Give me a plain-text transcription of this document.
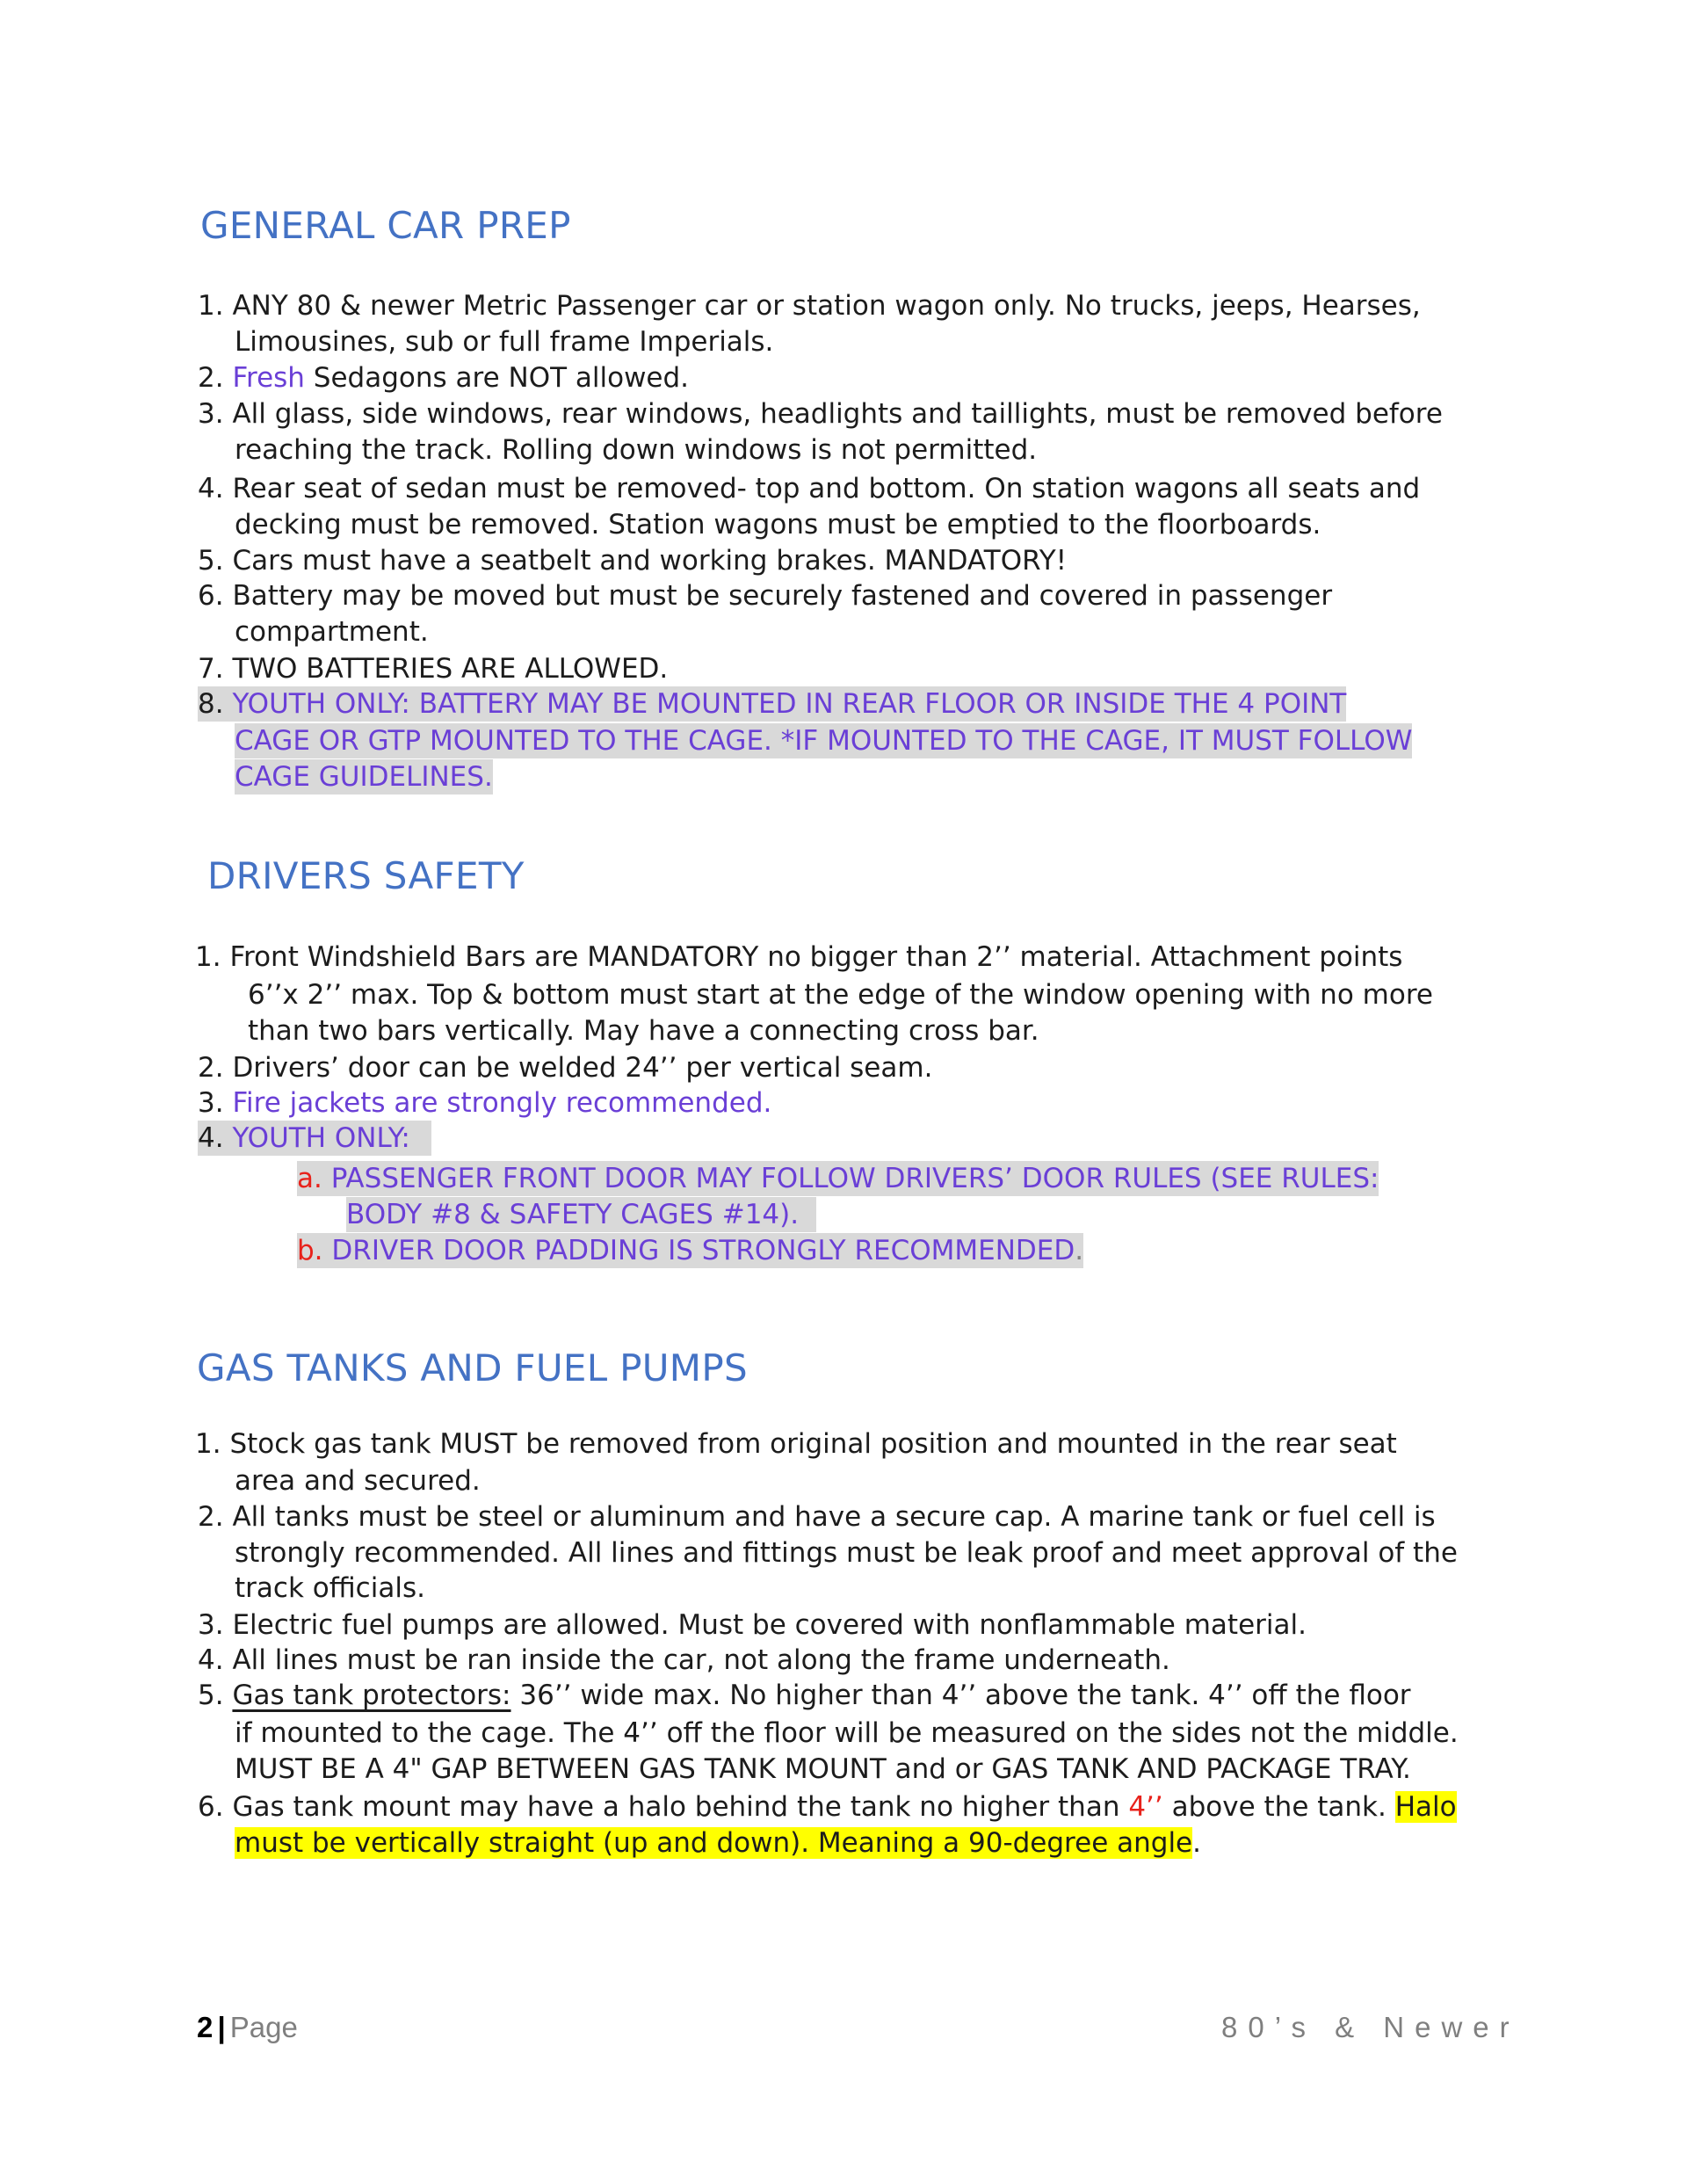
GENERAL CAR PREP
1. ANY 80 & newer Metric Passenger car or station wagon only. No trucks, jeeps, Hearses,
Limousines, sub or full frame Imperials.
2. Fresh Sedagons are NOT allowed.
3. All glass, side windows, rear windows, headlights and taillights, must be removed before
reaching the track. Rolling down windows is not permitted.
4. Rear seat of sedan must be removed- top and bottom. On station wagons all seats and
decking must be removed. Station wagons must be emptied to the floorboards.
5. Cars must have a seatbelt and working brakes. MANDATORY!
6. Battery may be moved but must be securely fastened and covered in passenger
compartment.
7. TWO BATTERIES ARE ALLOWED.
8. YOUTH ONLY: BATTERY MAY BE MOUNTED IN REAR FLOOR OR INSIDE THE 4 POINT
CAGE OR GTP MOUNTED TO THE CAGE. *IF MOUNTED TO THE CAGE, IT MUST FOLLOW
CAGE GUIDELINES.
DRIVERS SAFETY
1. Front Windshield Bars are MANDATORY no bigger than 2’’ material. Attachment points
6’’x 2’’ max. Top & bottom must start at the edge of the window opening with no more
than two bars vertically. May have a connecting cross bar.
2. Drivers’ door can be welded 24’’ per vertical seam.
3. Fire jackets are strongly recommended.
4. YOUTH ONLY:
a. PASSENGER FRONT DOOR MAY FOLLOW DRIVERS’ DOOR RULES (SEE RULES:
BODY #8 & SAFETY CAGES #14).
b. DRIVER DOOR PADDING IS STRONGLY RECOMMENDED.
GAS TANKS AND FUEL PUMPS
1. Stock gas tank MUST be removed from original position and mounted in the rear seat
area and secured.
2. All tanks must be steel or aluminum and have a secure cap. A marine tank or fuel cell is
strongly recommended. All lines and fittings must be leak proof and meet approval of the
track officials.
3. Electric fuel pumps are allowed. Must be covered with nonflammable material.
4. All lines must be ran inside the car, not along the frame underneath.
5. Gas tank protectors: 36’’ wide max. No higher than 4’’ above the tank. 4’’ off the floor
if mounted to the cage. The 4’’ off the floor will be measured on the sides not the middle.
MUST BE A 4" GAP BETWEEN GAS TANK MOUNT and or GAS TANK AND PACKAGE TRAY.
6. Gas tank mount may have a halo behind the tank no higher than 4’’ above the tank. Halo
must be vertically straight (up and down). Meaning a 90-degree angle.
2 | Page	80’s & Newer
